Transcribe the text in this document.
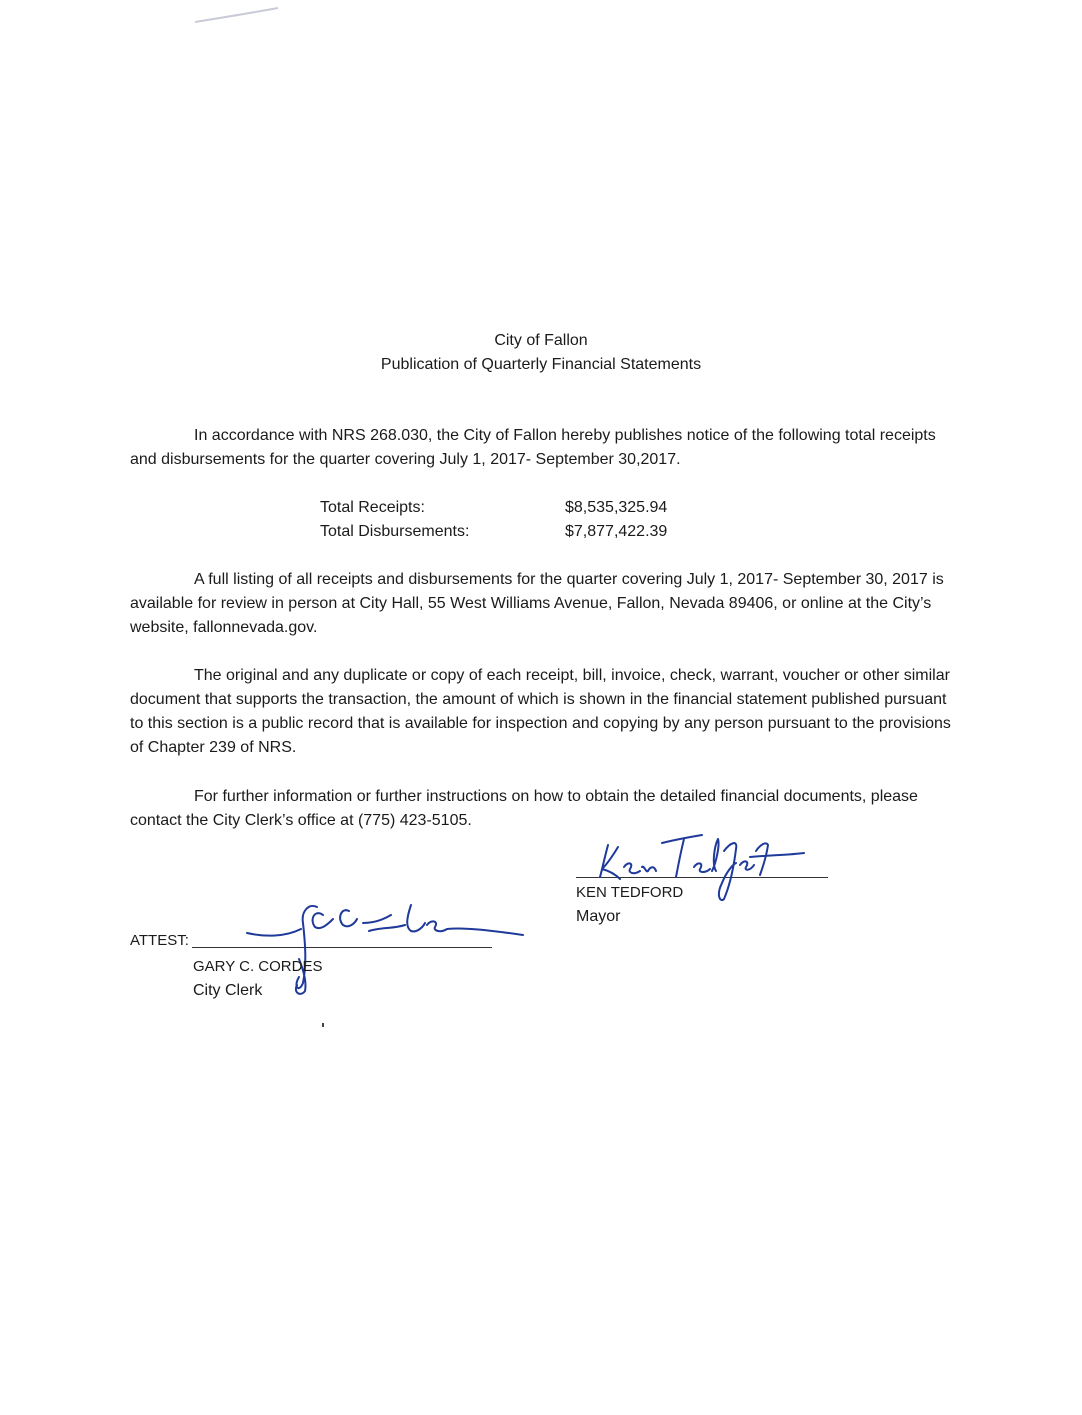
City of Fallon
Publication of Quarterly Financial Statements

In accordance with NRS 268.030, the City of Fallon hereby publishes notice of the following total receipts and disbursements for the quarter covering July 1, 2017- September 30,2017.

Total Receipts:	$8,535,325.94
Total Disbursements:	$7,877,422.39

A full listing of all receipts and disbursements for the quarter covering July 1, 2017- September 30, 2017 is available for review in person at City Hall, 55 West Williams Avenue, Fallon, Nevada 89406, or online at the City’s website, fallonnevada.gov.

The original and any duplicate or copy of each receipt, bill, invoice, check, warrant, voucher or other similar document that supports the transaction, the amount of which is shown in the financial statement published pursuant to this section is a public record that is available for inspection and copying by any person pursuant to the provisions of Chapter 239 of NRS.

For further information or further instructions on how to obtain the detailed financial documents, please contact the City Clerk’s office at (775) 423-5105.

KEN TEDFORD
Mayor
ATTEST:
GARY C. CORDES
City Clerk
